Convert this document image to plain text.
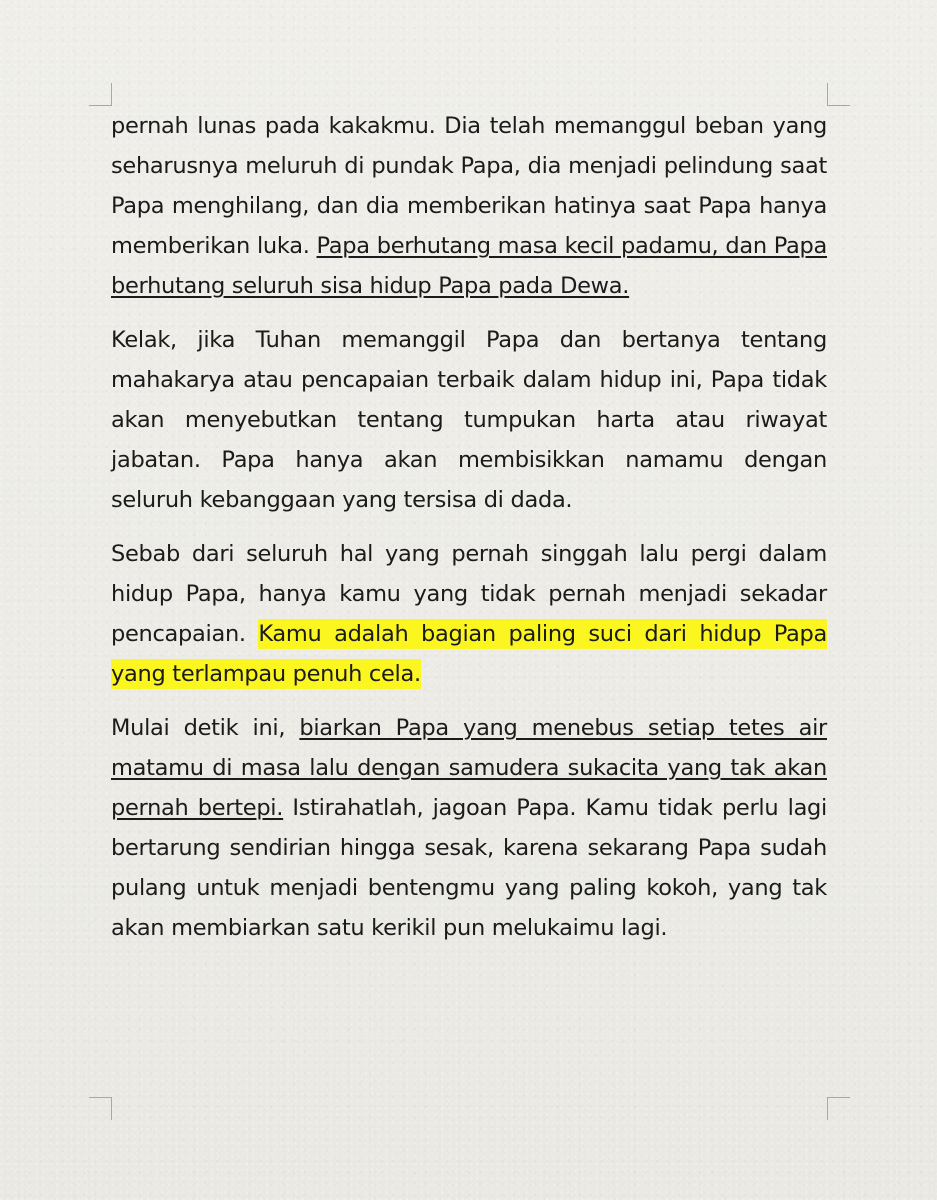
pernah lunas pada kakakmu. Dia telah memanggul beban yang seharusnya meluruh di pundak Papa, dia menjadi pelindung saat Papa menghilang, dan dia memberikan hatinya saat Papa hanya memberikan luka. Papa berhutang masa kecil padamu, dan Papa berhutang seluruh sisa hidup Papa pada Dewa.

Kelak, jika Tuhan memanggil Papa dan bertanya tentang mahakarya atau pencapaian terbaik dalam hidup ini, Papa tidak akan menyebutkan tentang tumpukan harta atau riwayat jabatan. Papa hanya akan membisikkan namamu dengan seluruh kebanggaan yang tersisa di dada.

Sebab dari seluruh hal yang pernah singgah lalu pergi dalam hidup Papa, hanya kamu yang tidak pernah menjadi sekadar pencapaian. Kamu adalah bagian paling suci dari hidup Papa yang terlampau penuh cela.

Mulai detik ini, biarkan Papa yang menebus setiap tetes air matamu di masa lalu dengan samudera sukacita yang tak akan pernah bertepi. Istirahatlah, jagoan Papa. Kamu tidak perlu lagi bertarung sendirian hingga sesak, karena sekarang Papa sudah pulang untuk menjadi bentengmu yang paling kokoh, yang tak akan membiarkan satu kerikil pun melukaimu lagi.
